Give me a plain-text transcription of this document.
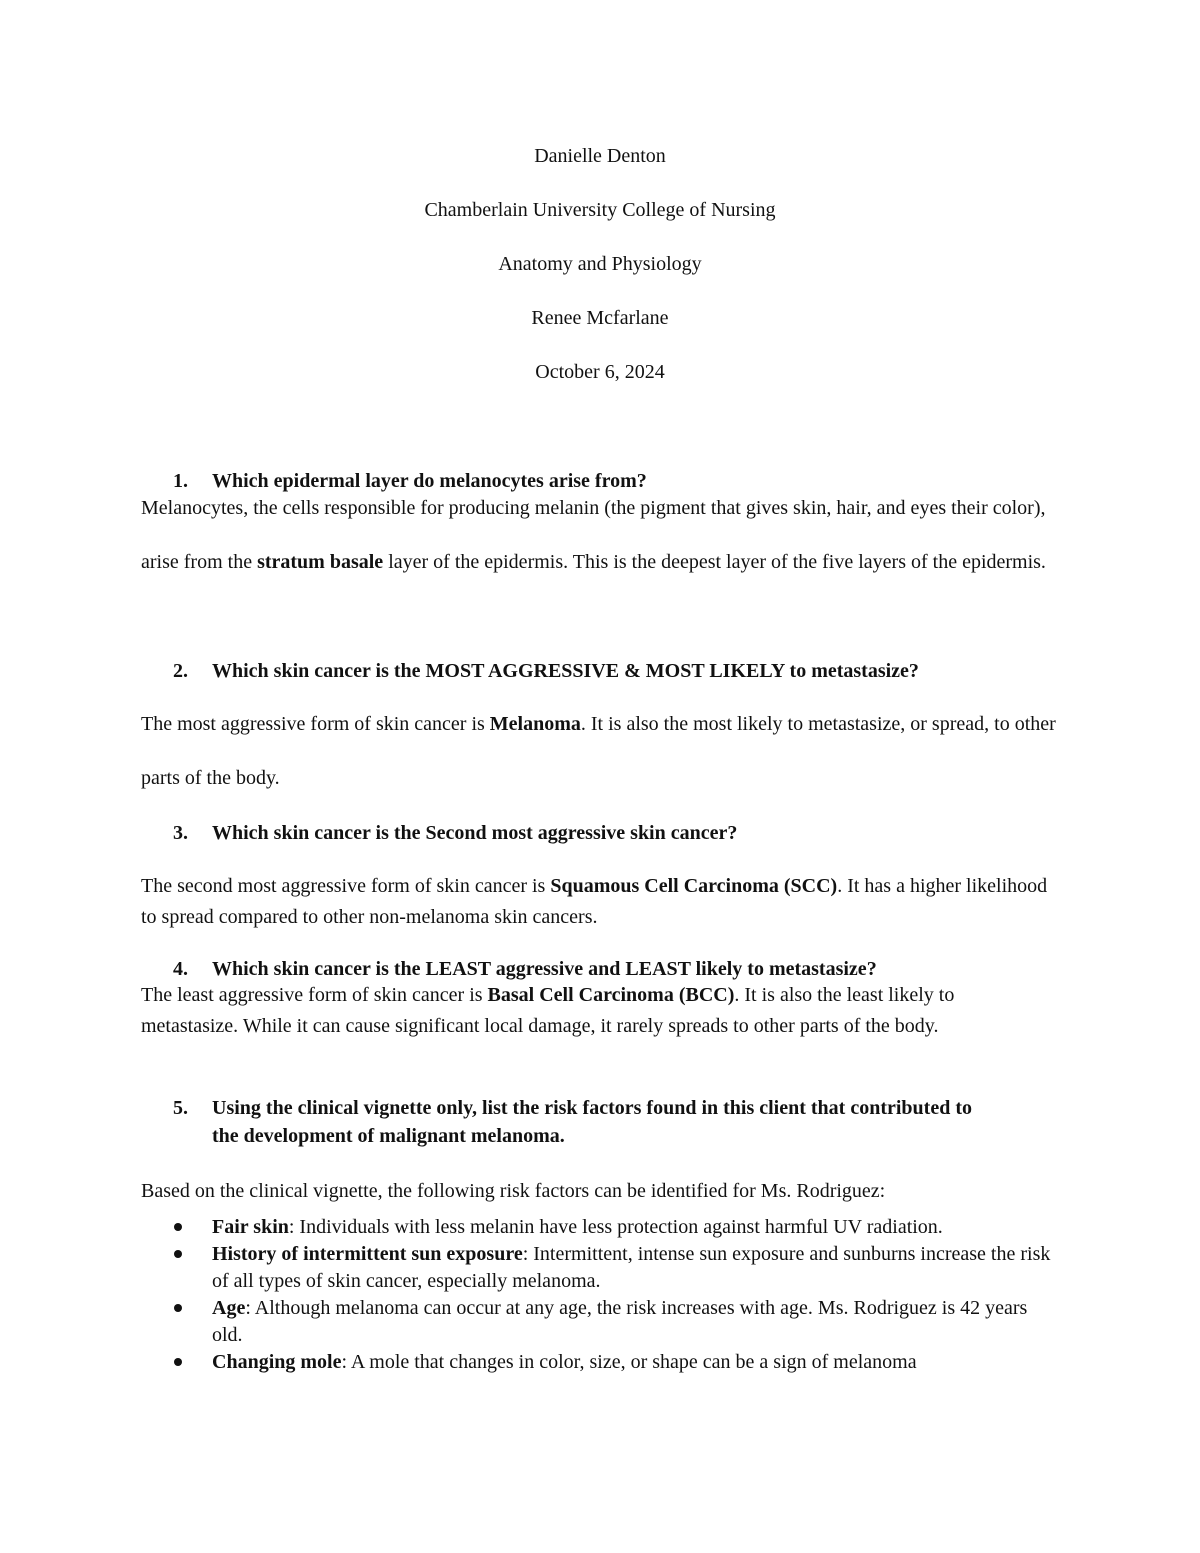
Danielle Denton
Chamberlain University College of Nursing
Anatomy and Physiology
Renee Mcfarlane
October 6, 2024
1. Which epidermal layer do melanocytes arise from?
Melanocytes, the cells responsible for producing melanin (the pigment that gives skin, hair, and eyes their color), arise from the stratum basale layer of the epidermis. This is the deepest layer of the five layers of the epidermis.
2. Which skin cancer is the MOST AGGRESSIVE & MOST LIKELY to metastasize?
The most aggressive form of skin cancer is Melanoma. It is also the most likely to metastasize, or spread, to other parts of the body.
3. Which skin cancer is the Second most aggressive skin cancer?
The second most aggressive form of skin cancer is Squamous Cell Carcinoma (SCC). It has a higher likelihood to spread compared to other non-melanoma skin cancers.
4. Which skin cancer is the LEAST aggressive and LEAST likely to metastasize?
The least aggressive form of skin cancer is Basal Cell Carcinoma (BCC). It is also the least likely to metastasize. While it can cause significant local damage, it rarely spreads to other parts of the body.
5. Using the clinical vignette only, list the risk factors found in this client that contributed to the development of malignant melanoma.
Based on the clinical vignette, the following risk factors can be identified for Ms. Rodriguez:
Fair skin: Individuals with less melanin have less protection against harmful UV radiation.
History of intermittent sun exposure: Intermittent, intense sun exposure and sunburns increase the risk of all types of skin cancer, especially melanoma.
Age: Although melanoma can occur at any age, the risk increases with age. Ms. Rodriguez is 42 years old.
Changing mole: A mole that changes in color, size, or shape can be a sign of melanoma
